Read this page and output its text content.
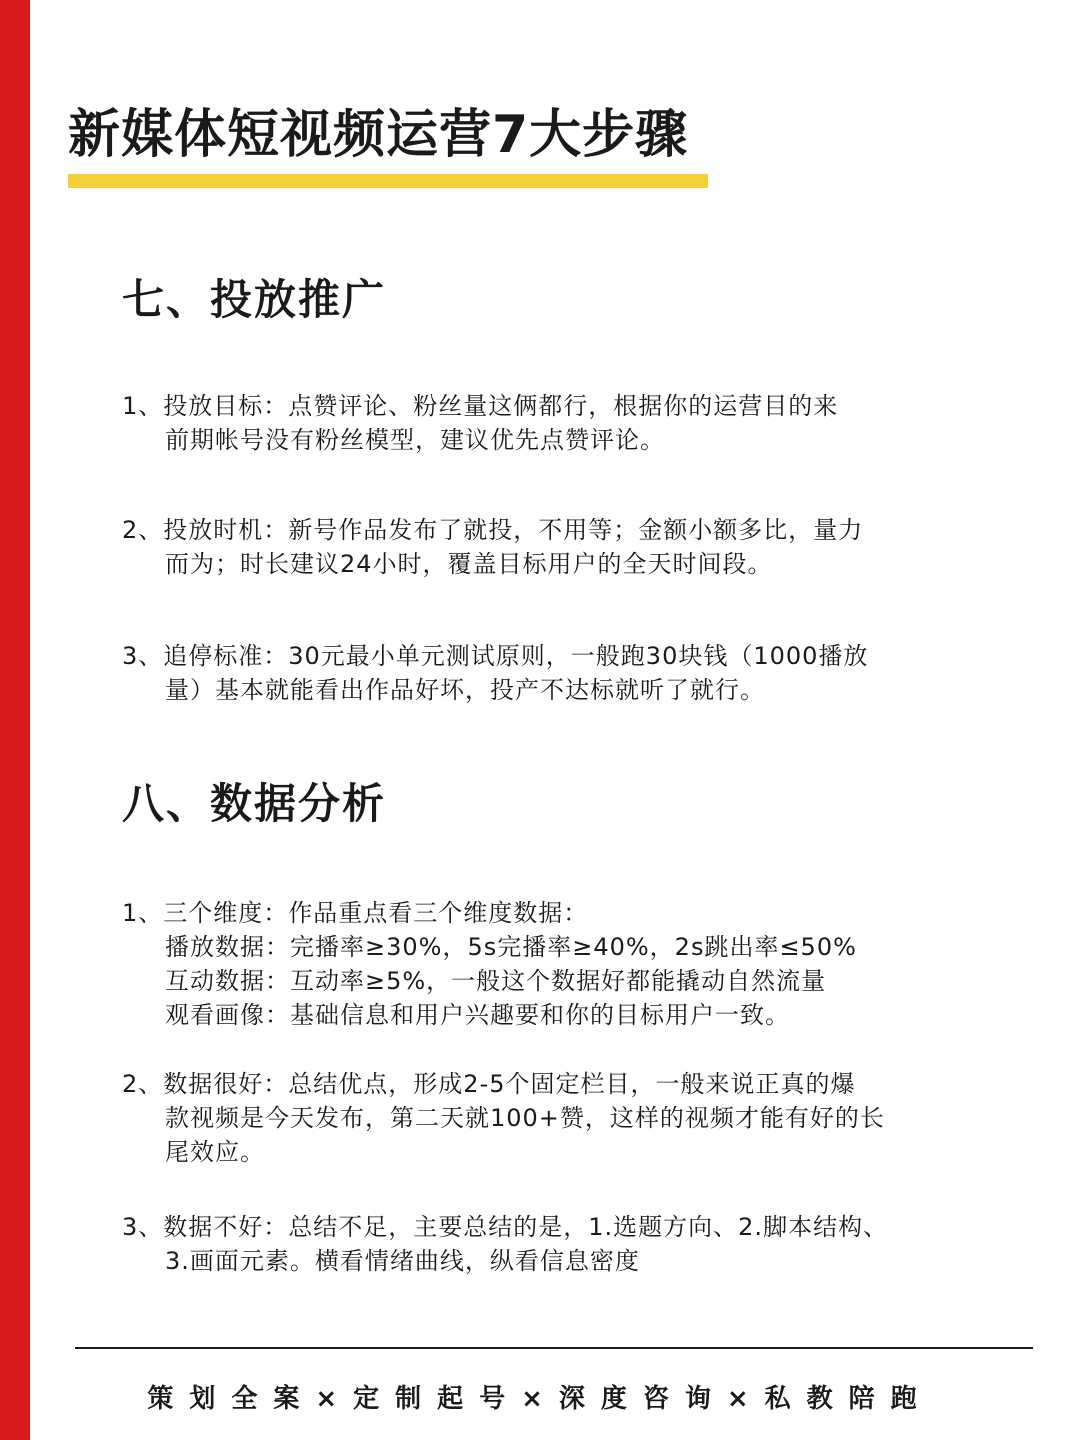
新媒体短视频运营7大步骤
七、投放推广
1、投放目标：点赞评论、粉丝量这俩都行，根据你的运营目的来
前期帐号没有粉丝模型，建议优先点赞评论。
2、投放时机：新号作品发布了就投，不用等；金额小额多比，量力
而为；时长建议24小时，覆盖目标用户的全天时间段。
3、追停标准：30元最小单元测试原则，一般跑30块钱（1000播放
量）基本就能看出作品好坏，投产不达标就听了就行。
八、数据分析
1、三个维度：作品重点看三个维度数据：
播放数据：完播率≥30%，5s完播率≥40%，2s跳出率≤50%
互动数据：互动率≥5%，一般这个数据好都能撬动自然流量
观看画像：基础信息和用户兴趣要和你的目标用户一致。
2、数据很好：总结优点，形成2-5个固定栏目，一般来说正真的爆
款视频是今天发布，第二天就100+赞，这样的视频才能有好的长
尾效应。
3、数据不好：总结不足，主要总结的是，1.选题方向、2.脚本结构、
3.画面元素。横看情绪曲线，纵看信息密度
策划全案×定制起号×深度咨询×私教陪跑
